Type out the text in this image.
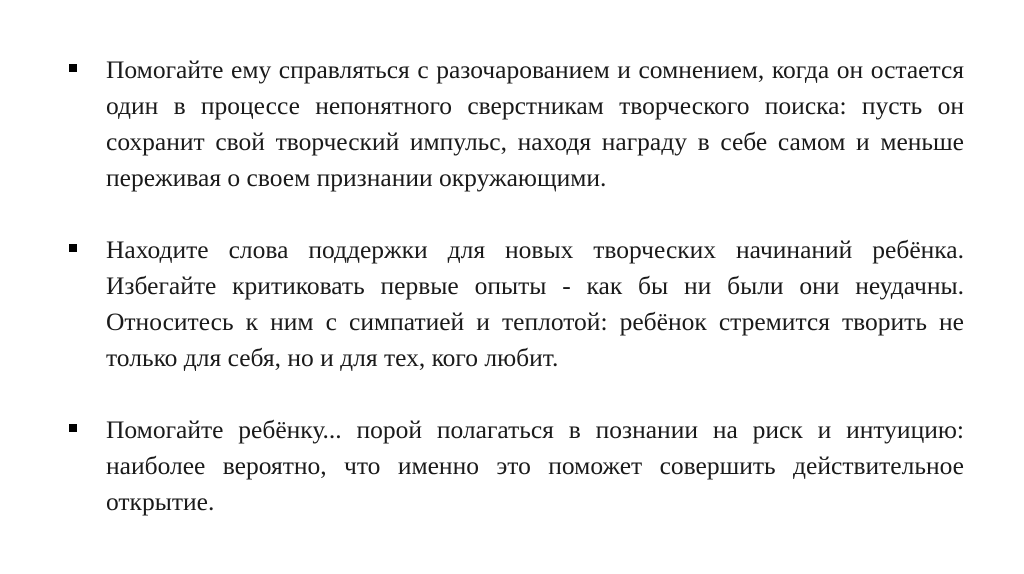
Помогайте ему справляться с разочарованием и сомнением, когда он остается один в процессе непонятного сверстникам творческого поиска: пусть он сохранит свой творческий импульс, находя награду в себе самом и меньше переживая о своем признании окружающими.

Находите слова поддержки для новых творческих начинаний ребёнка. Избегайте критиковать первые опыты - как бы ни были они неудачны. Относитесь к ним с симпатией и теплотой: ребёнок стремится творить не только для себя, но и для тех, кого любит.

Помогайте ребёнку... порой полагаться в познании на риск и интуицию: наиболее вероятно, что именно это поможет совершить действительное открытие.
